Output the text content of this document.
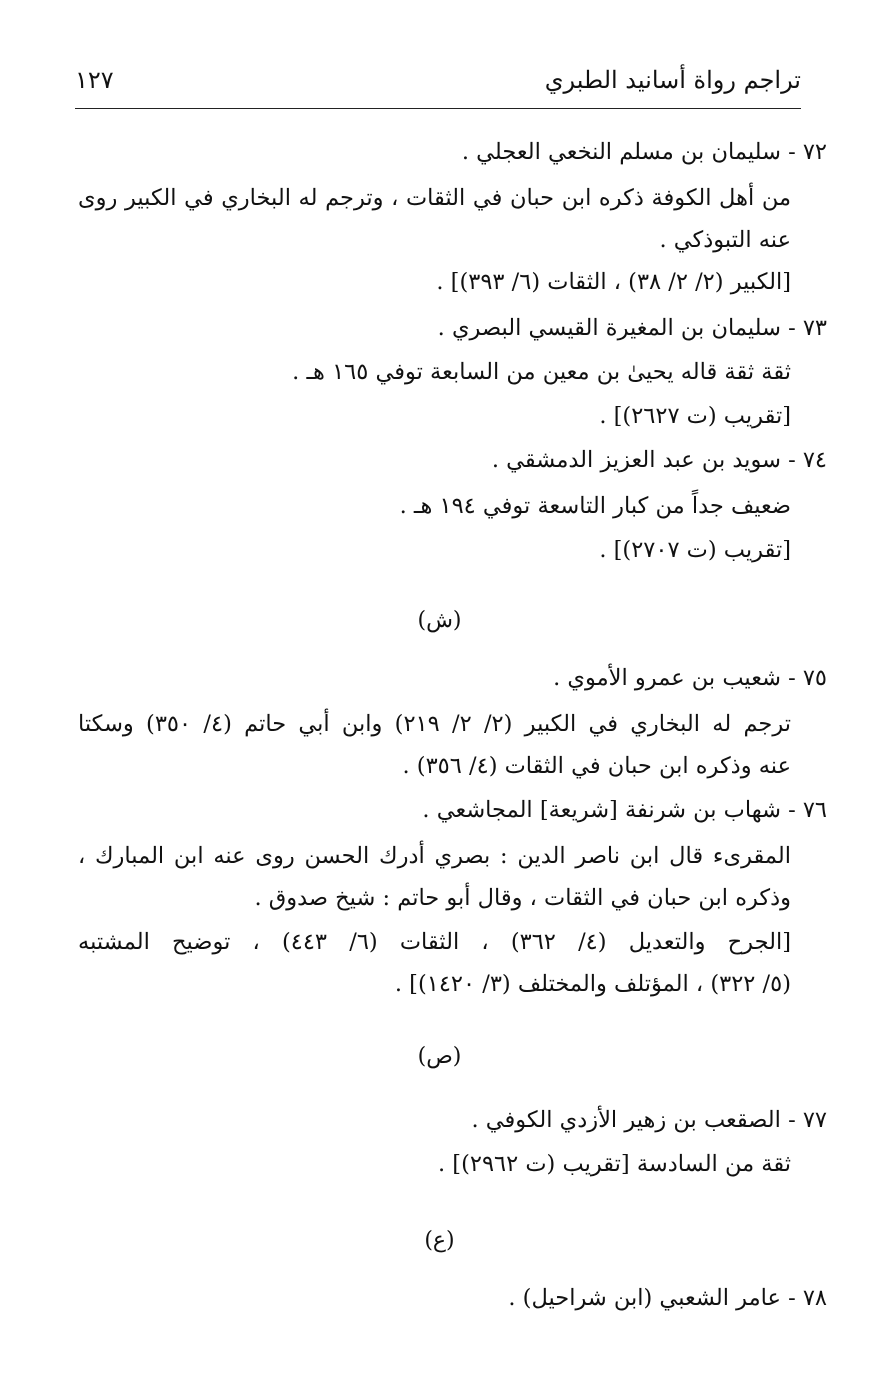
تراجم رواة أسانيد الطبري
١٢٧
٧٢ - سليمان بن مسلم النخعي العجلي .
من أهل الكوفة ذكره ابن حبان في الثقات ، وترجم له البخاري في الكبير روى
عنه التبوذكي .
[الكبير (٢/ ٢/ ٣٨) ، الثقات (٦/ ٣٩٣)] .
٧٣ - سليمان بن المغيرة القيسي البصري .
ثقة ثقة قاله يحيىٰ بن معين من السابعة توفي ١٦٥ هـ .
[تقريب (ت ٢٦٢٧)] .
٧٤ - سويد بن عبد العزيز الدمشقي .
ضعيف جداً من كبار التاسعة توفي ١٩٤ هـ .
[تقريب (ت ٢٧٠٧)] .
(ش)
٧٥ - شعيب بن عمرو الأموي .
ترجم له البخاري في الكبير (٢/ ٢/ ٢١٩) وابن أبي حاتم (٤/ ٣٥٠) وسكتا
عنه وذكره ابن حبان في الثقات (٤/ ٣٥٦) .
٧٦ - شهاب بن شرنفة [شريعة] المجاشعي .
المقرىء قال ابن ناصر الدين : بصري أدرك الحسن روى عنه ابن المبارك ،
وذكره ابن حبان في الثقات ، وقال أبو حاتم : شيخ صدوق .
[الجرح والتعديل (٤/ ٣٦٢) ، الثقات (٦/ ٤٤٣) ، توضيح المشتبه
(٥/ ٣٢٢) ، المؤتلف والمختلف (٣/ ١٤٢٠)] .
(ص)
٧٧ - الصقعب بن زهير الأزدي الكوفي .
ثقة من السادسة [تقريب (ت ٢٩٦٢)] .
(ع)
٧٨ - عامر الشعبي (ابن شراحيل) .
